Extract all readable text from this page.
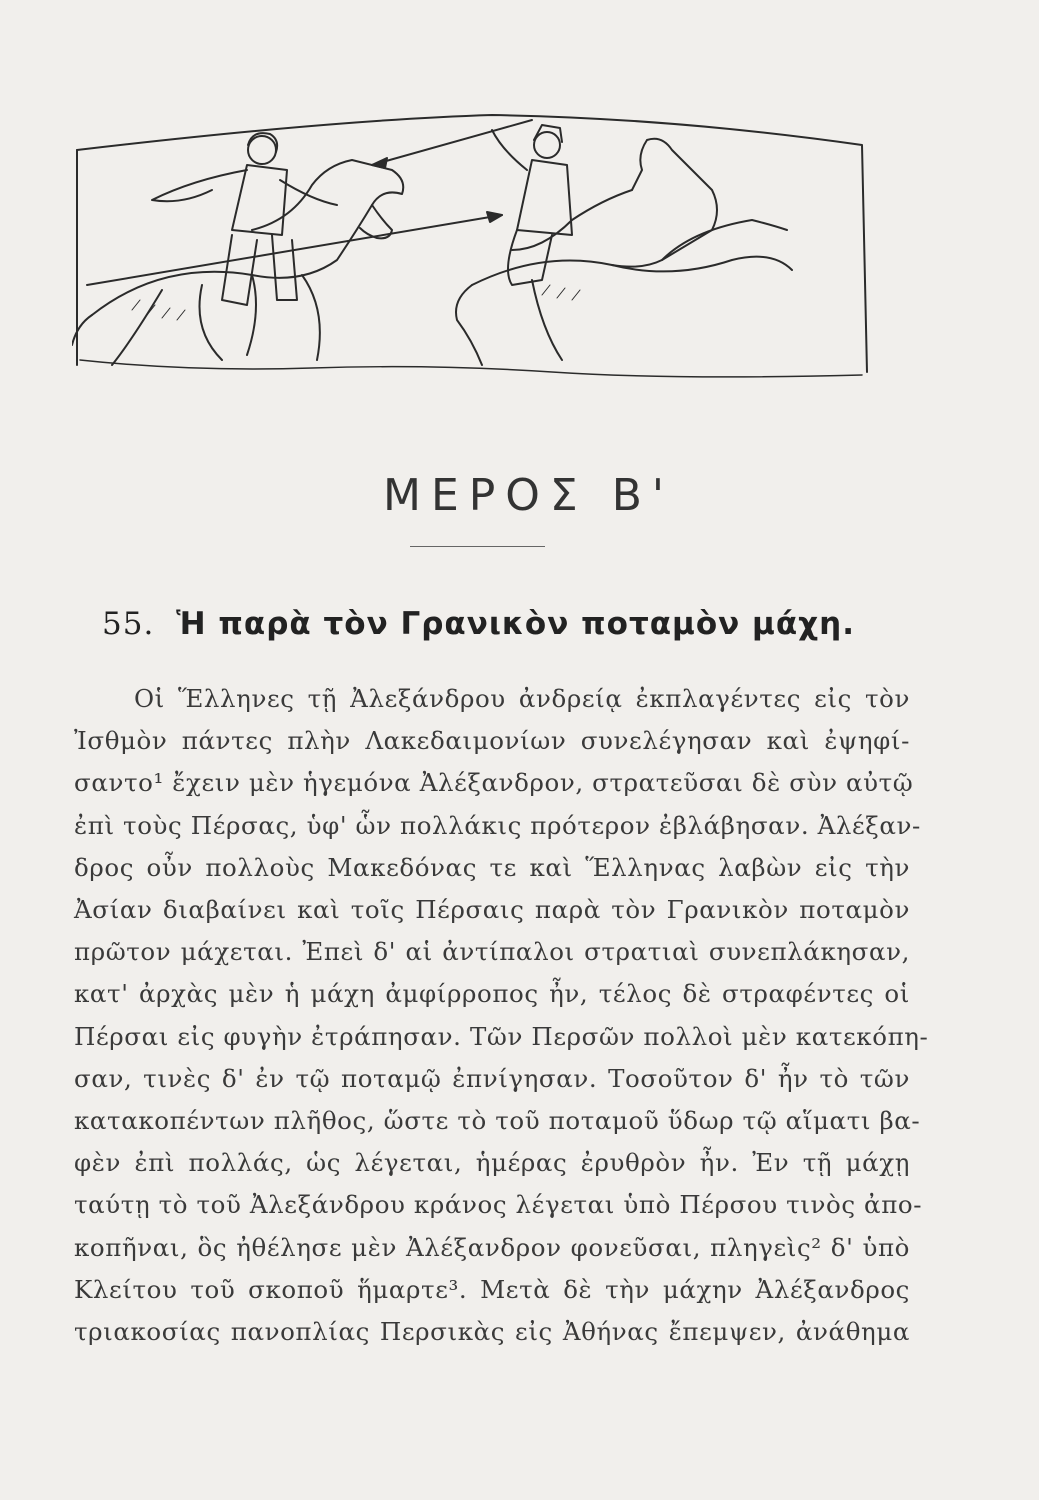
ΜΕΡΟΣ Β'
55. Ἡ παρὰ τὸν Γρανικὸν ποταμὸν μάχη.
Οἱ Ἕλληνες τῇ Ἀλεξάνδρου ἀνδρείᾳ ἐκπλαγέντες εἰς τὸν
Ἰσθμὸν πάντες πλὴν Λακεδαιμονίων συνελέγησαν καὶ ἐψηφί-
σαντο¹ ἔχειν μὲν ἡγεμόνα Ἀλέξανδρον, στρατεῦσαι δὲ σὺν αὐτῷ
ἐπὶ τοὺς Πέρσας, ὑφ' ὧν πολλάκις πρότερον ἐβλάβησαν. Ἀλέξαν-
δρος οὖν πολλοὺς Μακεδόνας τε καὶ Ἕλληνας λαβὼν εἰς τὴν
Ἀσίαν διαβαίνει καὶ τοῖς Πέρσαις παρὰ τὸν Γρανικὸν ποταμὸν
πρῶτον μάχεται. Ἐπεὶ δ' αἱ ἀντίπαλοι στρατιαὶ συνεπλάκησαν,
κατ' ἀρχὰς μὲν ἡ μάχη ἀμφίρροπος ἦν, τέλος δὲ στραφέντες οἱ
Πέρσαι εἰς φυγὴν ἐτράπησαν. Τῶν Περσῶν πολλοὶ μὲν κατεκόπη-
σαν, τινὲς δ' ἐν τῷ ποταμῷ ἐπνίγησαν. Τοσοῦτον δ' ἦν τὸ τῶν
κατακοπέντων πλῆθος, ὥστε τὸ τοῦ ποταμοῦ ὕδωρ τῷ αἵματι βα-
φὲν ἐπὶ πολλάς, ὡς λέγεται, ἡμέρας ἐρυθρὸν ἦν. Ἐν τῇ μάχῃ
ταύτῃ τὸ τοῦ Ἀλεξάνδρου κράνος λέγεται ὑπὸ Πέρσου τινὸς ἀπο-
κοπῆναι, ὃς ἠθέλησε μὲν Ἀλέξανδρον φονεῦσαι, πληγεὶς² δ' ὑπὸ
Κλείτου τοῦ σκοποῦ ἥμαρτε³. Μετὰ δὲ τὴν μάχην Ἀλέξανδρος
τριακοσίας πανοπλίας Περσικὰς εἰς Ἀθήνας ἔπεμψεν, ἀνάθημα
